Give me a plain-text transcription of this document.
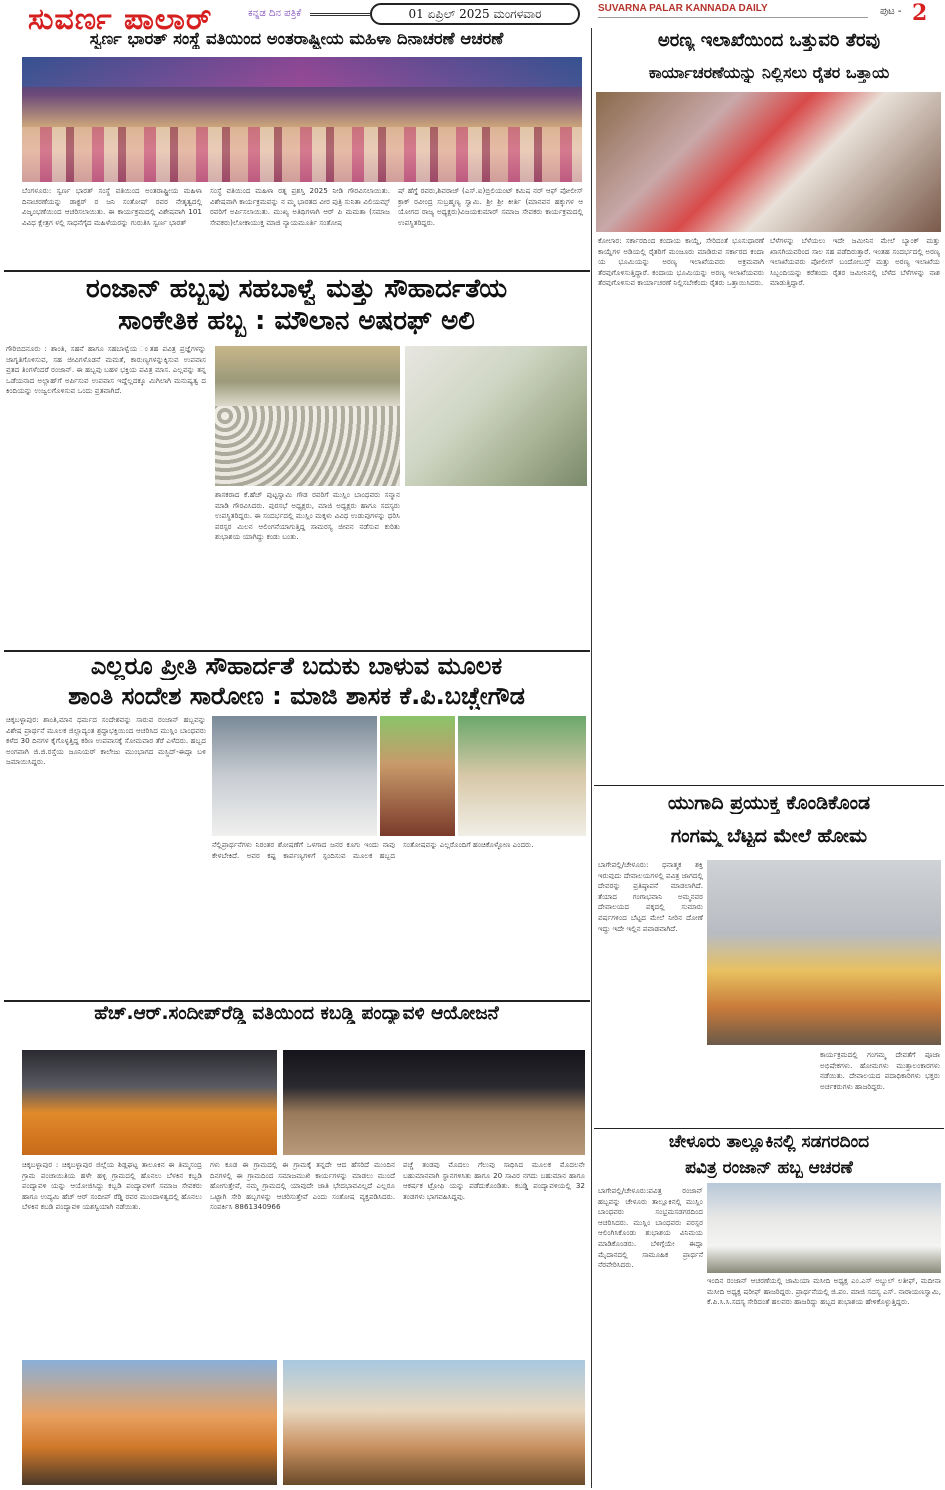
ಸುವರ್ಣ ಪಾಲಾರ್	ಕನ್ನಡ ದಿನ ಪತ್ರಿಕೆ	01 ಏಪ್ರಿಲ್ 2025 ಮಂಗಳವಾರ	SUVARNA PALAR KANNADA DAILY	ಪುಟ - 2
ಸ್ವರ್ಣ ಭಾರತ್ ಸಂಸ್ಥೆ ವತಿಯಿಂದ ಅಂತರಾಷ್ಟ್ರೀಯ ಮಹಿಳಾ ದಿನಾಚರಣೆ ಆಚರಣೆ
ಬೆಂಗಳೂರು: ಸ್ವರ್ಣ ಭಾರತ್ ಸಂಸ್ಥೆ ವತಿಯಿಂದ ಅಂತರಾಷ್ಟ್ರೀಯ ಮಹಿಳಾ ದಿನಾಚರಣೆಯನ್ನು ಡಾಕ್ಟರ್ ರ ಜನಿ ಸಂತೋಷ್ ರವರ ನೇತೃತ್ವದಲ್ಲಿ ವಿಜೃಂಭಣೆಯಿಂದ ಆಚರಿಸಲಾಯಿತು. ಈ ಕಾರ್ಯಕ್ರಮದಲ್ಲಿ ವಿಶೇಷವಾಗಿ 101 ವಿವಿಧ ಕ್ಷೇತ್ರಗ ಳಲ್ಲಿ ಸಾಧನೆಗೈದ ಮಹಿಳೆಯರನ್ನು ಗುರುತಿಸಿ ಸ್ವರ್ಣ ಭಾರತ್
ಸಂಸ್ಥೆ ವತಿಯಿಂದ ಮಹಿಳಾ ರತ್ನ ಪ್ರಶಸ್ತಿ 2025 ನೀಡಿ ಗೌರವಿಸಲಾಯಿತು. ವಿಶೇಷವಾಗಿ ಕಾರ್ಯಕ್ರಮವನ್ನು ನ ಮ್ಮ ಭಾರತದ ವೀರ ಪುತ್ರಿ ಸುನಿತಾ ವಿಲಿಯಮ್ಸ್ ರವರಿಗೆ ಅರ್ಪಿಸಲಾಯಿತು. ಮುಖ್ಯ ಅತಿಥಿಗಳಾಗಿ ಆರ್ ಪಿ ಮಮತಾ (ಸಮಾಜ ಸೇವಕರು)ಲೋಕಾಯುಕ್ತ ಮಾಜಿ ನ್ಯಾಯಮೂರ್ತಿ ಸಂತೋಷ
ಷ್ ಹೆಗ್ಡೆ ರವರು,ಶಿವರಾಜ್ (ಎಸ್.ಐ)ಬ್ರಿಲಿಯಂಟ್ ಕಮಿಷ ನರ್ ಆಫ್ ಪೋಲೀಸ್ ಕ್ರಾಕ್ ರವೀಂದ್ರ ಸುಬ್ರಹ್ಮಣ್ಯ ಸ್ವಾಮಿ. ಶ್ರೀ ಶ್ರೀ ಕೀರ್ತಿ (ಮಾನವನ ಹಕ್ಕುಗಳ ಆ ಯೋಗದ ರಾಜ್ಯ ಅಧ್ಯಕ್ಷರು)ವಿಜಯಕುಮಾರ್ ಸಮಾಜ ಸೇವಕರು ಕಾರ್ಯಕ್ರಮದಲ್ಲಿ ಉಪಸ್ಥಿತರಿದ್ದರು.
ರಂಜಾನ್ ಹಬ್ಬವು ಸಹಬಾಳ್ವೆ ಮತ್ತು ಸೌಹಾರ್ದತೆಯ
ಸಾಂಕೇತಿಕ ಹಬ್ಬ : ಮೌಲಾನ ಅಷರಫ್ ಅಲಿ
ಗೌರಿಬಿದನೂರು : ಶಾಂತಿ, ಸಹನೆ ಹಾಗೂ ಸಹಬಾಳ್ವೆಯ ಂತಹ ಪವಿತ್ರ ಪ್ರಜ್ಞೆಗಳನ್ನು ಜಾಗೃತಿಗೊಳಿಸುವ, ಸಹ ಜೀವಿಗಳೊಡನೆ ಮಮತೆ, ಕಾರುಣ್ಯಗಳನ್ನುಕ್ಕಿಸುವ ಉಪವಾಸ ವ್ರತದ ತಿಂಗಳೆಂದರೆ ರಂಜಾನ್. ಈ ಹಬ್ಬವು ಬಹಳ ಭಕ್ತಿಯ ಪವಿತ್ರ ಮಾಸ. ಎಲ್ಲವನ್ನು ತನ್ನ ಒಡೆಯನಾದ ಅಲ್ಲಾಹ್‌ಗೆ ಅರ್ಪಿಸುವ ಉಪವಾಸ ಇದ್ದೆಲ್ಲದಕ್ಕೂ ಮಿಗಿಲಾಗಿ ಮನುಷ್ಯತ್ವ ದ ಕಿಂದಿಯನ್ನು ಉಜ್ವಲಗೊಳಿಸುವ ಒಂದು ವ್ರತವಾಗಿದೆ.
ಶಾಸಕರಾದ ಕೆ.ಹೆಚ್ ಪುಟ್ಟಸ್ವಾಮಿ ಗೌಡ ರವರಿಗೆ ಮುಸ್ಲಿಂ ಬಾಂಧವರು ಸನ್ಮಾನ ಮಾಡಿ ಗೌರವಿಸಿದರು. ಪುರಸಭೆ ಅಧ್ಯಕ್ಷರು, ಮಾಜಿ ಅಧ್ಯಕ್ಷರು ಹಾಗೂ ಸದಸ್ಯರು ಉಪಸ್ಥಿತರಿದ್ದರು. ಈ ಸಂದರ್ಭದಲ್ಲಿ ಮುಸ್ಲಿಂ ಮಕ್ಕಳು ವಿವಿಧ ಉಡುಪುಗಳನ್ನು ಧರಿಸಿ ಪರಸ್ಪರ ಮಿಲನ ಆಲಿಂಗನೆಯಾಗುತ್ತಿದ್ದ ಸಾಮರಸ್ಯ ಜೀವನ ನಡೆಸುವ ಕುರಿತು ಶುಭಾಶಯ ಯಾಗಿದ್ದು ಕಂಡು ಬಂತು.
ಎಲ್ಲರೂ ಪ್ರೀತಿ ಸೌಹಾರ್ದತೆ ಬದುಕು ಬಾಳುವ ಮೂಲಕ
ಶಾಂತಿ ಸಂದೇಶ ಸಾರೋಣ : ಮಾಜಿ ಶಾಸಕ ಕೆ.ಪಿ.ಬಚ್ಚೇಗೌಡ
ಚಿಕ್ಕಬಳ್ಳಾಪುರ: ಶಾಂತಿ,ಮಾನ ಧರ್ಮದ ಸಂದೇಶವನ್ನು ಸಾರುವ ರಂಜಾನ್ ಹಬ್ಬವನ್ನು ವಿಶೇಷ ಪ್ರಾರ್ಥನೆ ಮೂಲಕ ಜಿಲ್ಲಾದ್ಯಂತ ಶ್ರದ್ಧಾಭಕ್ತಿಯಿಂದ ಆಚರಿಸಿದ ಮುಸ್ಲಿಂ ಬಾಂಧವರು ಕಳೆದ 30 ದಿನಗಳ ಕೈಗೊಳ್ಳತ್ತಿದ್ದ ಕಠಿಣ ಉಪವಾಸಕ್ಕೆ ಸೋಮವಾರ ತೆರೆ ಎಳೆದರು. ಹಬ್ಬದ ಅಂಗವಾಗಿ ಜಿ.ಜಿ.ರಸ್ತೆಯ ಜೂನಿಯರ್ ಕಾಲೇಜು ಮುಂಭಾಗದ ಮಸ್ಜಿದ್-ಈದ್ಗಾ ಬಳಿ ಜಮಾಯಿಸಿದ್ದರು.
ನೆಲ್ಲಿಪ್ರಾರ್ಥನೆಗಳು ನಿರಂತರ ಶೋಷಣೆಗೆ ಒಳಗಾದ ಜನರ ಕೂಗು ಇಂದು ನಾವು ಕೇಳಬೇಕಿದೆ. ಅವರ ಕಷ್ಟ ಕಾರ್ಪಣ್ಯಗಳಿಗೆ ಸ್ಪಂದಿಸುವ ಮೂಲಕ ಹಬ್ಬದ ಸಂತೋಷವನ್ನು ಎಲ್ಲರೊಂದಿಗೆ ಹಂಚಿಕೊಳ್ಳೋಣ ಎಂದರು.
ಹೆಚ್.ಆರ್.ಸಂದೀಪ್‌ರೆಡ್ಡಿ ವತಿಯಿಂದ ಕಬಡ್ಡಿ ಪಂದ್ಯಾವಳಿ ಆಯೋಜನೆ
ಚಿಕ್ಕಬಳ್ಳಾಪುರ : ಚಿಕ್ಕಬಳ್ಳಾಪುರ ಜಿಲ್ಲೆಯ ಶಿಡ್ಲಘಟ್ಟ ತಾಲೂಕಿನ ಈ ತಿಮ್ಮಸಂದ್ರ ಗ್ರಾಮ ಪಂಚಾಯಿತಿಯ ಹಳೇ ಹಳ್ಳಿ ಗ್ರಾಮದಲ್ಲಿ ಹೊನಲು ಬೆಳಕಿನ ಕಬ್ಬಡಿ ಪಂದ್ಯಾವಳಿ ಯನ್ನು ಆಯೋಜಿಸಿದ್ದು ಕಬ್ಬಡಿ ಪಂದ್ಯಾವಳಿಗೆ ಸಮಾಜ ಸೇವಕರು ಹಾಗೂ ಉದ್ಯಮಿ ಹೆಚ್ ಆರ್ ಸಂದೀಪ್ ರೆಡ್ಡಿ ರವರ ಮುಂದಾಳತ್ವದಲ್ಲಿ ಹೊನಲು ಬೆಳಕಿನ ಕಬಡಿ ಪಂದ್ಯಾವಳಿ ಯಶಸ್ವಿಯಾಗಿ ನಡೆಯಿತು.
ಗಳು ಕೂಡ ಈ ಗ್ರಾಮದಲ್ಲಿ ಈ ಗ್ರಾಮಕ್ಕೆ ತನ್ನದೇ ಆದ ಹೆಸರಿದೆ ಮುಂದಿನ ದಿನಗಳಲ್ಲಿ ಈ ಗ್ರಾಮದಿಂದ ಸಮಾಜಮುಖಿ ಕಾರ್ಯಗಳನ್ನು ಮಾಡಲು ಮುಂದೆ ಹೋಗುತ್ತೇವೆ, ನಮ್ಮ ಗ್ರಾಮದಲ್ಲಿ ಯಾವುದೇ ಜಾತಿ ಭೇದಭಾವವಿಲ್ಲದೆ ಎಲ್ಲರೂ ಒಟ್ಟಾಗಿ ಸೇರಿ ಹಬ್ಬಗಳನ್ನು ಆಚರಿಸುತ್ತೇವೆ ಎಂದು ಸಂತೋಷ ವ್ಯಕ್ತಪಡಿಸಿದರು. ಸಂಪರ್ಕಿಸಿ 8861340966
ಪಚ್ಚೆ ತಂಡವು ಮೊದಲು ಗೆಲುವು ಸಾಧಿಸಿದ ಮೂಲಕ ಮೊದಲನೇ ಬಹುಮಾನವಾಗಿ ಸ್ಥಾನಗಳಿಸಿತು ಹಾಗೂ 20 ಸಾವಿರ ನಗದು ಬಹುಮಾನ ಹಾಗೂ ಆಕರ್ಷಕ ಟ್ರೋಫಿ ಯನ್ನು ಪಡೆದುಕೊಂಡಿತು. ಕಬಡ್ಡಿ ಪಂದ್ಯಾವಳಿಯಲ್ಲಿ 32 ತಂಡಗಳು ಭಾಗವಹಿಸಿದ್ದವು.
ಅರಣ್ಯ ಇಲಾಖೆಯಿಂದ ಒತ್ತುವರಿ ತೆರವು
ಕಾರ್ಯಾಚರಣೆಯನ್ನು ನಿಲ್ಲಿಸಲು ರೈತರ ಒತ್ತಾಯ
ಕೋಲಾರ: ಸರ್ಕಾರದಿಂದ ಕಂದಾಯ ಕಾಯ್ದೆ, ಸೇರಿದಂತೆ ಭೂಸುಧಾರಣೆ ಕಾಯ್ದೆಗಳ ಅಡಿಯಲ್ಲಿ ರೈತರಿಗೆ ಮಂಜೂರು ಮಾಡಿರುವ ಸರ್ಕಾರದ ಕಂದಾ ಯ ಭೂಮಿಯನ್ನು ಅರಣ್ಯ ಇಲಾಖೆಯವರು ಅಕ್ರಮವಾಗಿ ತೆರವುಗೊಳಿಸುತ್ತಿದ್ದಾರೆ. ಕಂದಾಯ ಭೂಮಿಯನ್ನು ಅರಣ್ಯ ಇಲಾಖೆಯವರು ತೆರವುಗೊಳಿಸುವ ಕಾರ್ಯಾಚರಣೆ ನಿಲ್ಲಿಸಬೇಕೆಂದು ರೈತರು ಒತ್ತಾಯಿಸಿದರು.
ಬೆಳೆಗಳನ್ನು ಬೆಳೆಯಲು ಇದೇ ಜಮೀನಿನ ಮೇಲೆ ಬ್ಯಾಂಕ್ ಮತ್ತು ಖಾಸಗಿಯವರಿಂದ ಸಾಲ ಸಹ ಪಡೆದಿರುತ್ತಾರೆ. ಇಂತಹ ಸಂದರ್ಭದಲ್ಲಿ ಅರಣ್ಯ ಇಲಾಖೆಯವರು ಪೋಲೀಸ್ ಬಂದೋಬಸ್ತ್ ಮತ್ತು ಅರಣ್ಯ ಇಲಾಖೆಯ ಸಿಬ್ಬಂದಿಯನ್ನು ಕರೆತಂದು ರೈತರ ಜಮೀನಿನಲ್ಲಿ ಬೆಳೆದ ಬೆಳೆಗಳನ್ನು ನಾಶ ಮಾಡುತ್ತಿದ್ದಾರೆ.
ಯುಗಾದಿ ಪ್ರಯುಕ್ತ ಕೊಂಡಿಕೊಂಡ
ಗಂಗಮ್ಮ ಬೆಟ್ಟದ ಮೇಲೆ ಹೋಮ
ಬಾಗೇಪಲ್ಲಿ/ಚೇಳೂರು: ಧನಾತ್ಮಕ ಶಕ್ತಿ ಇರುವುದು ದೇವಾಲಯಗಳಲ್ಲಿ ಪವಿತ್ರ ಜಾಗದಲ್ಲಿ ದೇವರನ್ನು ಪ್ರತಿಷ್ಠಾಪನೆ ಮಾಡಲಾಗಿದೆ. ತೆಯಾದ ಗಂಗಾಭವಾನಿ ಅಮ್ಮನವರ ದೇವಾಲಯದ ಪಕ್ಕದಲ್ಲಿ ಸುಮಾರು ವರ್ಷಗಳಿಂದ ಬೆಟ್ಟದ ಮೇಲೆ ನೀರಿನ ದೋಣೆ ಇದ್ದು ಇದೇ ಇಲ್ಲಿನ ಪವಾಡವಾಗಿದೆ.
ಕಾರ್ಯಕ್ರಮದಲ್ಲಿ ಗಂಗಮ್ಮ ದೇವತೆಗೆ ಪೂಜಾ ಅಭಿಷೇಕಗಳು. ಹೋಮಗಳು ಮುತ್ತಾಲಂಕಾರಗಳು ನಡೆಯಿತು. ದೇವಾಲಯದ ಪದಾಧಿಕಾರಿಗಳು ಭಕ್ತರು ಅರ್ಚಕರುಗಳು ಹಾಜರಿದ್ದರು.
ಚೇಳೂರು ತಾಲ್ಲೂಕಿನಲ್ಲಿ ಸಡಗರದಿಂದ
ಪವಿತ್ರ ರಂಜಾನ್ ಹಬ್ಬ ಆಚರಣೆ
ಬಾಗೇಪಲ್ಲಿ/ಚೇಳೂರು:ಪವಿತ್ರ ರಂಜಾನ್ ಹಬ್ಬವನ್ನು ಚೇಳೂರು ತಾಲ್ಲೂಕಿನಲ್ಲಿ ಮುಸ್ಲಿಂ ಬಾಂಧವರು ಸಂಭ್ರಮಸಡಗರದಿಂದ ಆಚರಿಸಿದರು. ಮುಸ್ಲಿಂ ಬಾಂಧವರು ಪರಸ್ಪರ ಆಲಿಂಗಿಸಿಕೊಂಡು ಶುಭಾಶಯ ವಿನಿಮಯ ಮಾಡಿಕೊಂಡರು. ಬೆಳಿಗ್ಗೆಯೇ ಈದ್ಗಾ ಮೈದಾನದಲ್ಲಿ ಸಾಮೂಹಿಕ ಪ್ರಾರ್ಥನೆ ನೆರವೇರಿಸಿದರು.
ಇಂದಿನ ರಂಜಾನ್ ಆಚರಣೆಯಲ್ಲಿ ಜಾಮಿಯಾ ಮಸೀದಿ ಅಧ್ಯಕ್ಷ ಎಂ.ಎಸ್ ಅಬ್ದುಲ್ ಲತೀಫ್, ಮದೀನಾ ಮಸೀದಿ ಅಧ್ಯಕ್ಷ ಷರೀಫ್ ಹಾಜರಿದ್ದರು. ಪ್ರಾರ್ಥನೆಯಲ್ಲಿ ಜಿ.ಪಂ. ಮಾಜಿ ಸದಸ್ಯ ಎಸ್. ನಾರಾಯಣಸ್ವಾಮಿ, ಕೆ.ಪಿ.ಸಿ.ಸಿ.ಸದಸ್ಯ ಸೇರಿದಂತೆ ಹಲವರು ಹಾಜರಿದ್ದು ಹಬ್ಬದ ಶುಭಾಶಯ ಹೇಳಿಕೊಳ್ಳುತ್ತಿದ್ದರು.
